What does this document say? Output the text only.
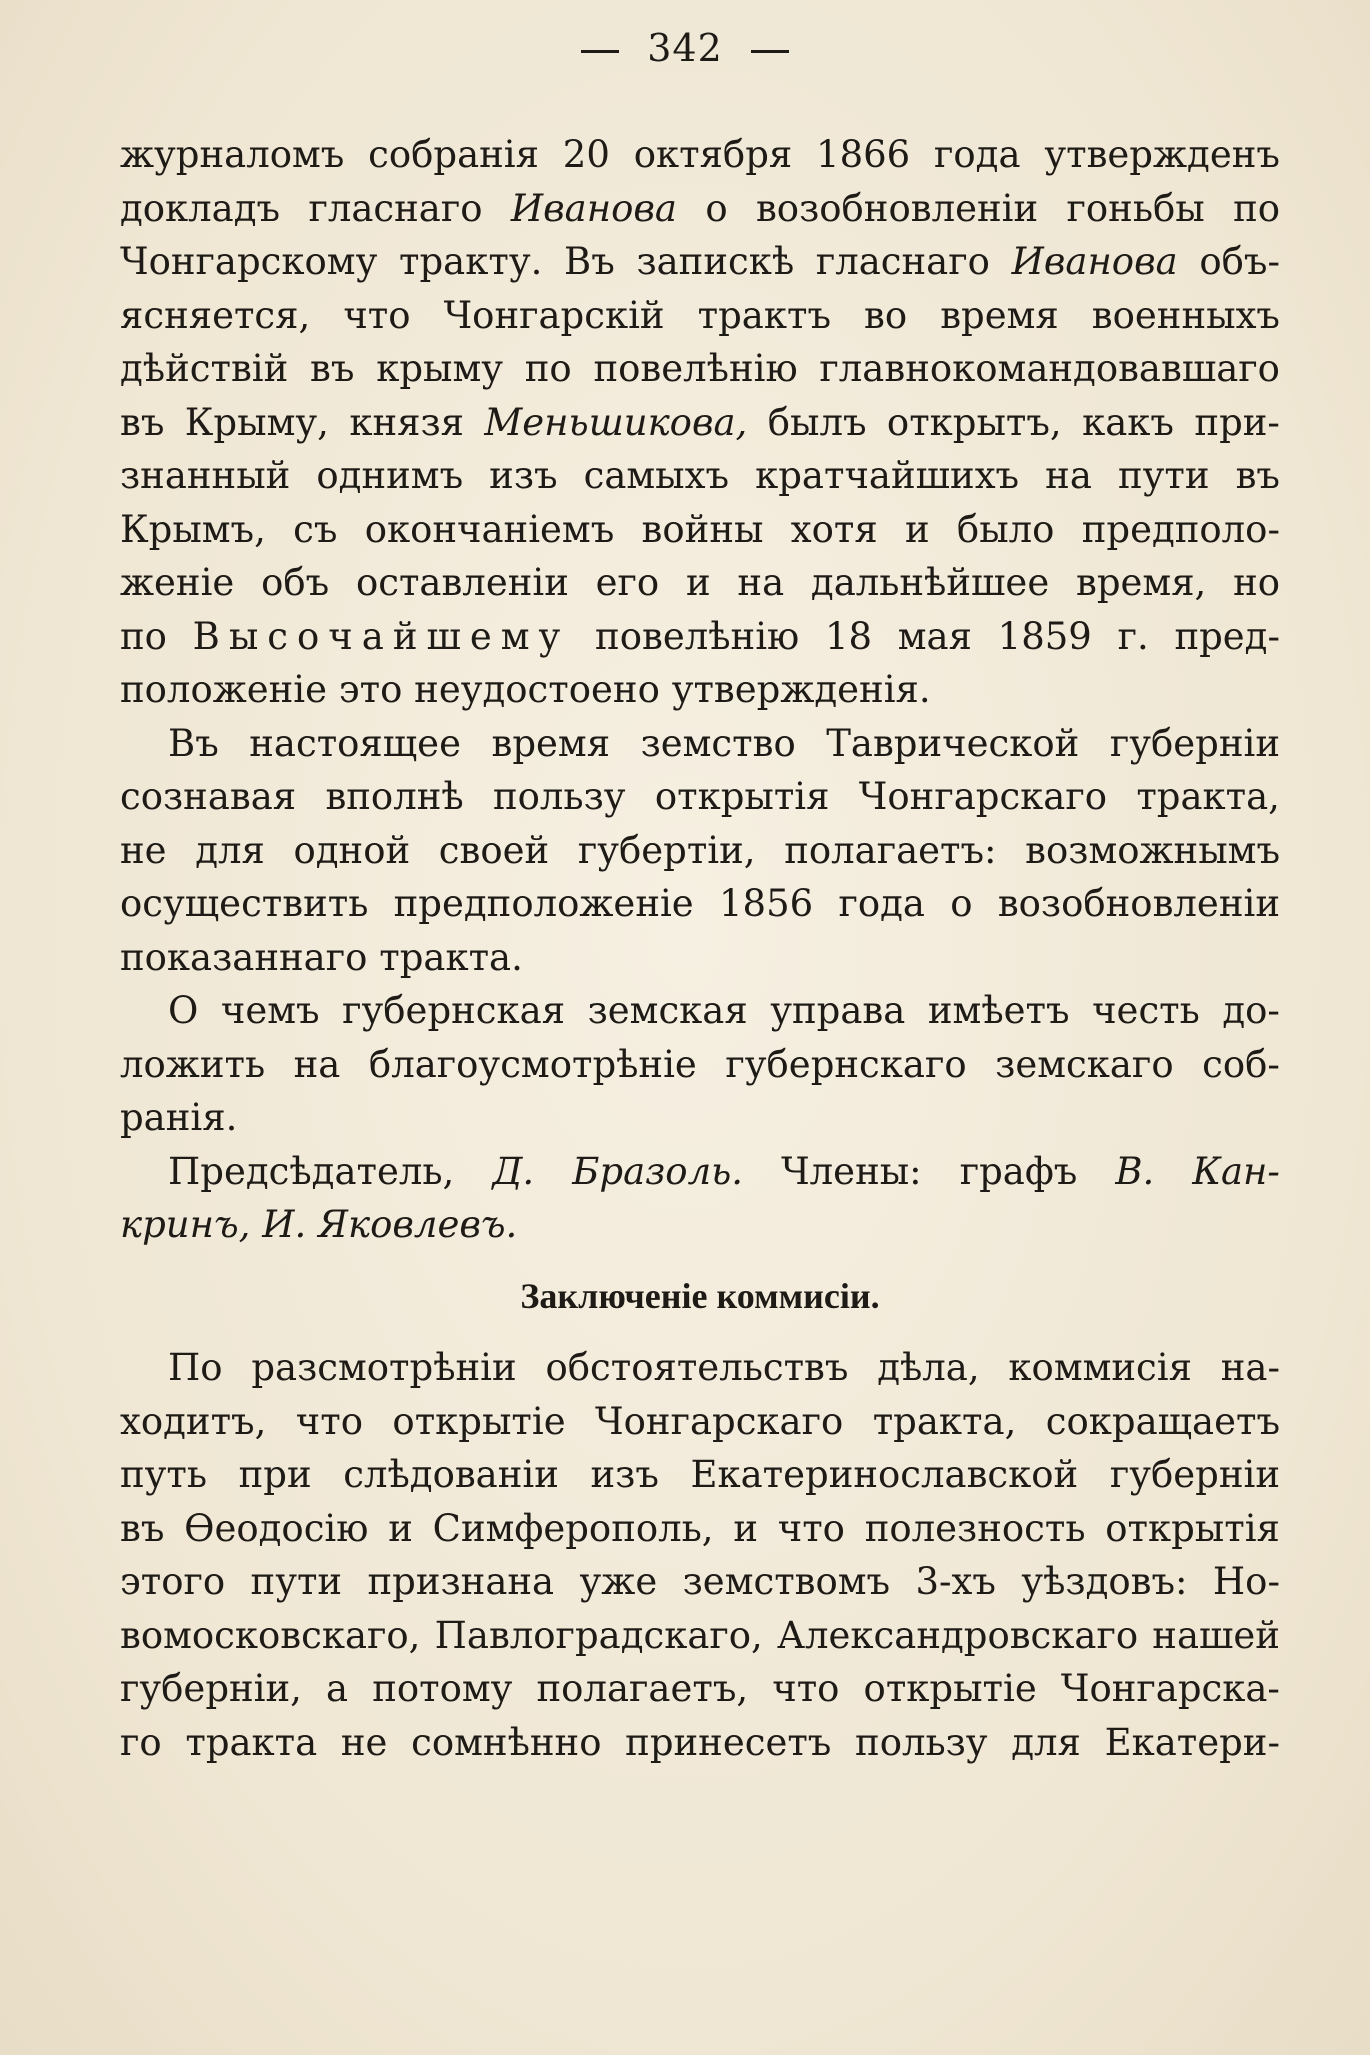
342
журналомъ собранія 20 октября 1866 года утвержденъ
докладъ гласнаго Иванова о возобновленіи гоньбы по
Чонгарскому тракту. Въ запискѣ гласнаго Иванова объ-
ясняется, что Чонгарскій трактъ во время военныхъ
дѣйствій въ крыму по повелѣнію главнокомандовавшаго
въ Крыму, князя Меньшикова, былъ открытъ, какъ при-
знанный однимъ изъ самыхъ кратчайшихъ на пути въ
Крымъ, съ окончаніемъ войны хотя и было предполо-
женіе объ оставленіи его и на дальнѣйшее время, но
по Высочайшему повелѣнію 18 мая 1859 г. пред-
положеніе это неудостоено утвержденія.
Въ настоящее время земство Таврической губерніи
сознавая вполнѣ пользу открытія Чонгарскаго тракта,
не для одной своей губертіи, полагаетъ: возможнымъ
осуществить предположеніе 1856 года о возобновленіи
показаннаго тракта.
О чемъ губернская земская управа имѣетъ честь до-
ложить на благоусмотрѣніе губернскаго земскаго соб-
ранія.
Предсѣдатель, Д. Бразоль. Члены: графъ В. Кан-
кринъ, И. Яковлевъ.
Заключеніе коммисіи.
По разсмотрѣніи обстоятельствъ дѣла, коммисія на-
ходитъ, что открытіе Чонгарскаго тракта, сокращаетъ
путь при слѣдованіи изъ Екатеринославской губерніи
въ Ѳеодосію и Симферополь, и что полезность открытія
этого пути признана уже земствомъ 3-хъ уѣздовъ: Но-
вомосковскаго, Павлоградскаго, Александровскаго нашей
губерніи, а потому полагаетъ, что открытіе Чонгарска-
го тракта не сомнѣнно принесетъ пользу для Екатери-
